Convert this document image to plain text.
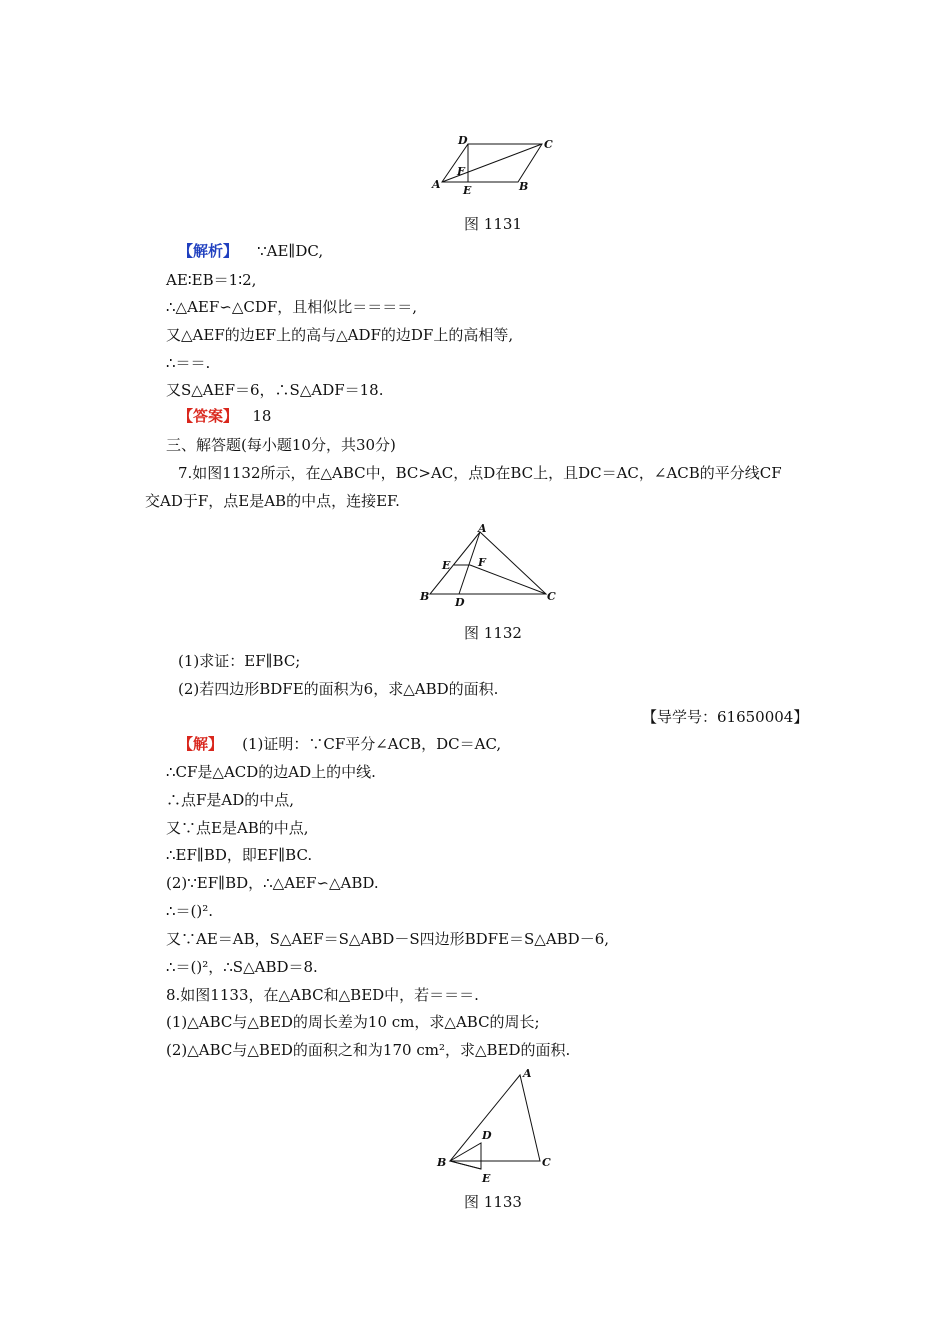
D	C
A
F
E	B
图 1131
【解析】 ∵AE∥DC,
AE∶EB＝1∶2,
∴△AEF∽△CDF，且相似比＝＝＝＝,
又△AEF的边EF上的高与△ADF的边DF上的高相等,
∴＝＝.
又S△AEF＝6，∴S△ADF＝18.
【答案】 18
三、解答题(每小题10分，共30分)
7.如图1132所示，在△ABC中，BC>AC，点D在BC上，且DC＝AC，∠ACB的平分线CF
交AD于F，点E是AB的中点，连接EF.
A
E	F
B D	C
图 1132
(1)求证：EF∥BC;
(2)若四边形BDFE的面积为6，求△ABD的面积.
【导学号：61650004】
【解】 (1)证明：∵CF平分∠ACB，DC＝AC,
∴CF是△ACD的边AD上的中线.
∴点F是AD的中点,
又∵点E是AB的中点,
∴EF∥BD，即EF∥BC.
(2)∵EF∥BD，∴△AEF∽△ABD.
∴＝()².
又∵AE＝AB，S△AEF＝S△ABD－S四边形BDFE＝S△ABD－6,
∴＝()²，∴S△ABD＝8.
8.如图1133，在△ABC和△BED中，若＝＝＝.
(1)△ABC与△BED的周长差为10 cm，求△ABC的周长;
(2)△ABC与△BED的面积之和为170 cm²，求△BED的面积.
A
D
B	C
E
图 1133
